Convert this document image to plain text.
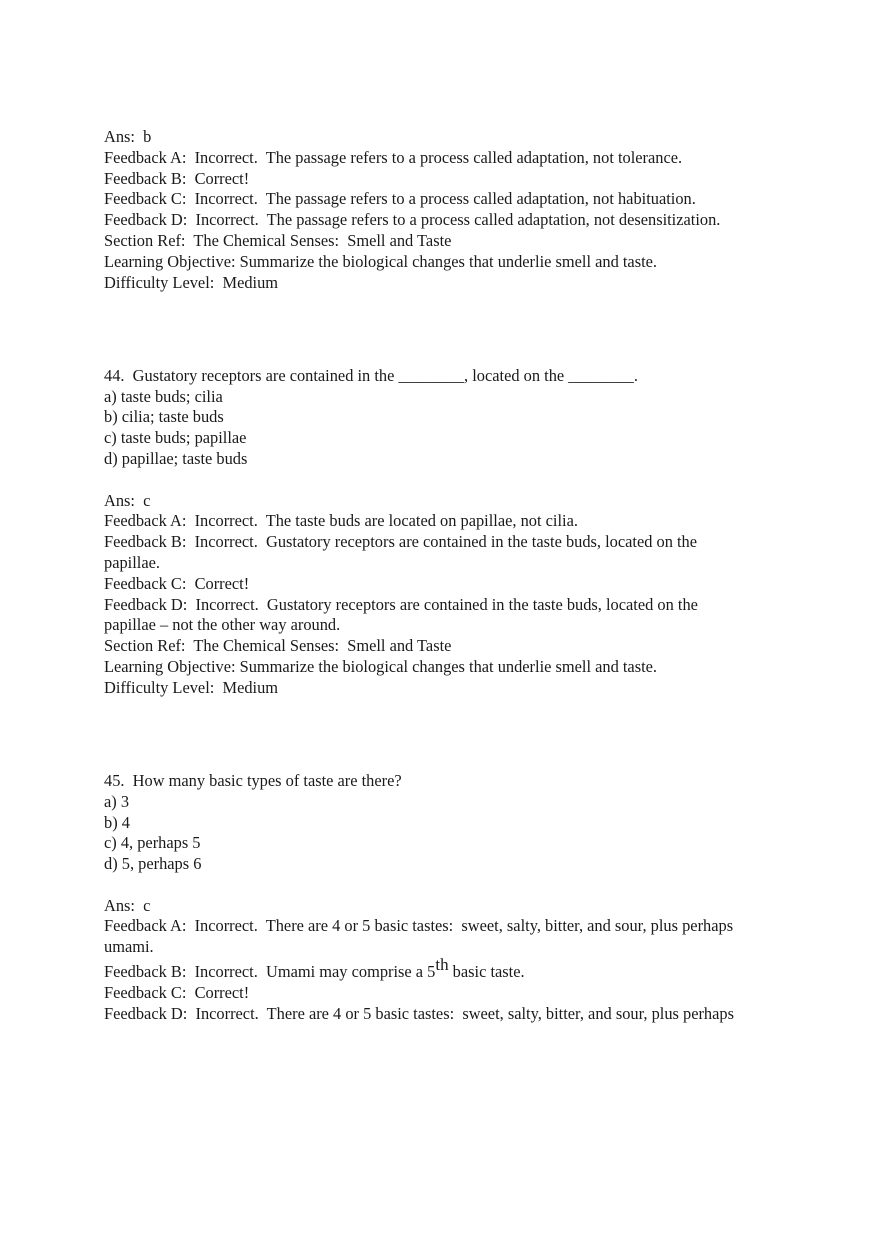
Ans:  b
Feedback A:  Incorrect.  The passage refers to a process called adaptation, not tolerance.
Feedback B:  Correct!
Feedback C:  Incorrect.  The passage refers to a process called adaptation, not habituation.
Feedback D:  Incorrect.  The passage refers to a process called adaptation, not desensitization.
Section Ref:  The Chemical Senses:  Smell and Taste
Learning Objective: Summarize the biological changes that underlie smell and taste.
Difficulty Level:  Medium
44.  Gustatory receptors are contained in the ________, located on the ________.
a) taste buds; cilia
b) cilia; taste buds
c) taste buds; papillae
d) papillae; taste buds
Ans:  c
Feedback A:  Incorrect.  The taste buds are located on papillae, not cilia.
Feedback B:  Incorrect.  Gustatory receptors are contained in the taste buds, located on the
papillae.
Feedback C:  Correct!
Feedback D:  Incorrect.  Gustatory receptors are contained in the taste buds, located on the
papillae – not the other way around.
Section Ref:  The Chemical Senses:  Smell and Taste
Learning Objective: Summarize the biological changes that underlie smell and taste.
Difficulty Level:  Medium
45.  How many basic types of taste are there?
a) 3
b) 4
c) 4, perhaps 5
d) 5, perhaps 6
Ans:  c
Feedback A:  Incorrect.  There are 4 or 5 basic tastes:  sweet, salty, bitter, and sour, plus perhaps
umami.
Feedback B:  Incorrect.  Umami may comprise a 5th basic taste.
Feedback C:  Correct!
Feedback D:  Incorrect.  There are 4 or 5 basic tastes:  sweet, salty, bitter, and sour, plus perhaps
